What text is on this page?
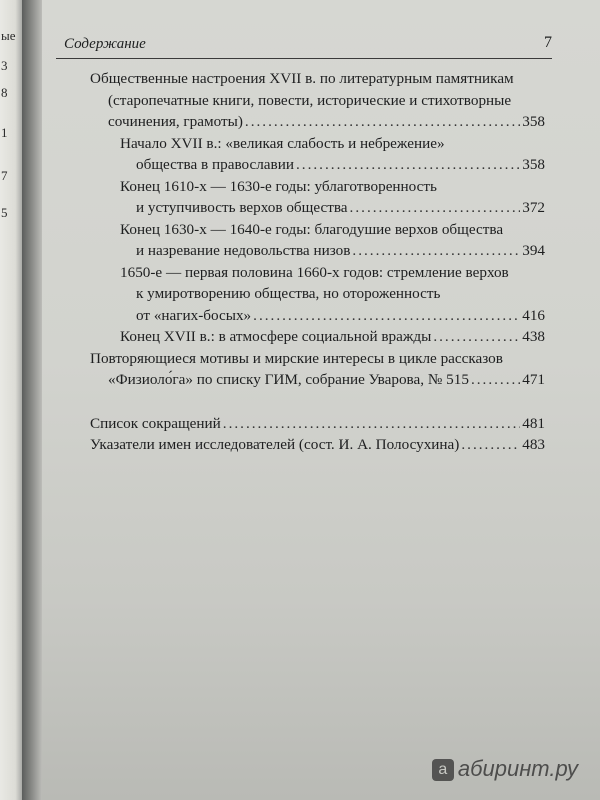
ые
3
8
1
7
5
Содержание	7
Общественные настроения XVII в. по литературным памятникам
(старопечатные книги, повести, исторические и стихотворные
сочинения, грамоты) .....	358
Начало XVII в.: «великая слабость и небрежение»
общества в православии .....	358
Конец 1610-х — 1630-е годы: ублаготворенность
и уступчивость верхов общества .....	372
Конец 1630-х — 1640-е годы: благодушие верхов общества
и назревание недовольства низов .....	394
1650-е — первая половина 1660-х годов: стремление верхов
к умиротворению общества, но отороженность
от «нагих-босых» .....	416
Конец XVII в.: в атмосфере социальной вражды .....	438
Повторяющиеся мотивы и мирские интересы в цикле рассказов
«Физиоло́га» по списку ГИМ, собрание Уварова, № 515 .....	471
Список сокращений .....	481
Указатели имен исследователей (сост. И. А. Полосухина) .....	483
а абиринт.ру
